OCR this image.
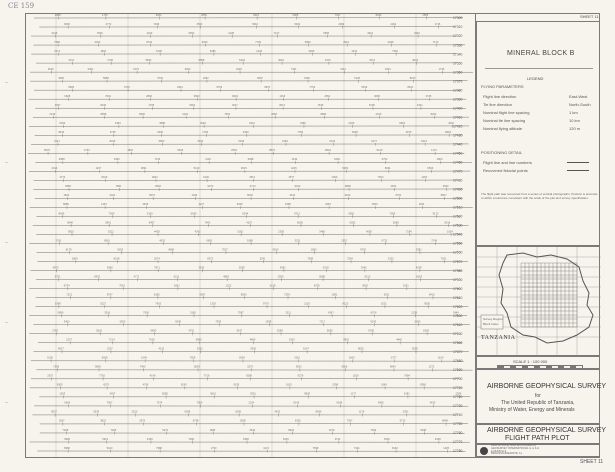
CE 159
4988	1706	6304	3559	6916	5486	7047	6043	2585
17300
9600	4772	7046	2533	5010	5922	2382	4164	1716
17310
6426	7829	2223	5052	1428	7127	9595	4943	4949
17320
7686	3432	8724	9340	7725	5990	3912	2936	7172
17330
6271	1804	5105	6286	2125	9065	1219	7362
17340
2517	1736	5833	8588	5445	3515	1576	3072	8114
17350
4630	5301	1075	5062	4039	7451	3411	1694	1745
17360
4955	5858	5752	2082	6957	9156	5125	8972
17370
5905	6715	4961	9753	6870	7754	5519	8941
17380
6928	7091	2800	3833	9634	1316	2654	3095	3748
17390
4097	9046	1765	5362	4617	3974	1545	5105	9101
17400
2145	8658	5830	4104	7591	3068	8980	4440	8222
17410
6294	3484	3888	9281	8110	3486	2186	9653	4002
17420
8434	5745	6490	1783	4399	7784	5048	4970	8993
17430
4121	8329	5862	5164	5345	3184	6124	6277	5421
17440
6575	1794	4891	9646	2504	8573	8634	6130	1173
17450
3688	6360	7133	1120	2098	1510	5469	5752	1804
17460
2014	1917	3811	5140	9015	4215	5183	8031	6536
17470
4774	8019	2812	1929	7813	4577	1000	7523	1260
17480
4858	7891	9692	9373	3713	9152	8806	4450	2530
17490
1823	4421	5676	1033	6603	3164	3160	6701	8567
17500
6889	1163	3649	1127	3039	6498	3281	1833	1264
17510
8945	7340	2169	5545	6244	9712	3060	7065	8172
17520
9548	3841	8457	7842	4107	6028	6052	8288	8516
17530
9920	5222	4403	4242	3182	2336	3480	4059	7184	1634
17540
1705	8561	4632	6692	9188	3231	1597	6732	2746
17550
6178	9155	4568	7527	9810	1862	9792	3381
17560
1869	8198	2074	8273	5241	7089	7594	2202	7021
17570
4870	5986	7871	3636	2058	4581	6318	3046	4208
17580
9751	8432	4771	6211	4865	2509	5588	8213	8163
17590
6734	7091	2661	1222	6218	8759	3626	2261
17600
7221	8707	8185	6097	8556	7339	1891	9321	8410
17610
5398	5227	7603	1303	9770	2119	8123	5231	9550
17620
5899	3516	7900	3165	7087	3111	4347	6574	1238	3446
17630
3462	5300	9240	7393	1538	7117	9242	5692
17640
2763	5620	9690	4751	3247	5289	5655	6790	1805
17650
2237	7214	7626	9585	4869	1920	8851	4440
17660
8927	2257	4132	3332	5300	6147	8652	8259
17670
5136	6928	1045	7929	2694	3116	1640	2377	1104
17680
7008	9809	7490	5829	3270	9922	9566	8646	1272
17690
2537	7792	4149	7719	8280	9276	1819	7684
17700
9005	4279	4766	6243	9155	1615	2398	1949	8380
17710
1063	3457	8285	9661	5361	9828	1177	9181	2289
17720
6665	7957	7574	7959	2224	8145	9168	9405	4633
17730
9037	5339	2520	6358	6299	3452	8596	1176	2301
17740
2067	3822	2679	5748	2809	6305	7347	9713	6848
17750
7308	7295	5272	1685	2644	8926	1979	7909	5498
17760
6985	5315	6190	7390	5358	5206	9711	5318	8138
17770
8986	5103	7988	1753	4174	7698	7434	8162	1325
17780
SHEET 11
MINERAL BLOCK B
LEGEND
FLYING PARAMETERS
Flight line direction	East-West
Tie line direction	North-South
Nominal flight line spacing	1 km
Nominal tie line spacing	10 km
Nominal flying altitude	120 m
POSITIONING DETAIL
Flight line and line numbers
Recovered fiducial points
The flight path was recovered from a series of vertical photographs. Position is accurate
to within a tolerance consistent with the scale of the plot and survey specification.
Survey Region
Block Index
TANZANIA
SCALE 1 : 100 000
AIRBORNE GEOPHYSICAL SURVEY
for
The United Republic of Tanzania,
Ministry of Water, Energy and Minerals
AIRBORNE GEOPHYSICAL SURVEY
FLIGHT PATH PLOT
Airborne Survey flown and compiled by
GEOSURVEY INTERNATIONAL G.m.b.H
& MUNICH &
BRAUNSCHWEIGSTR. 11
SHEET 11
–
–
–
–
–
